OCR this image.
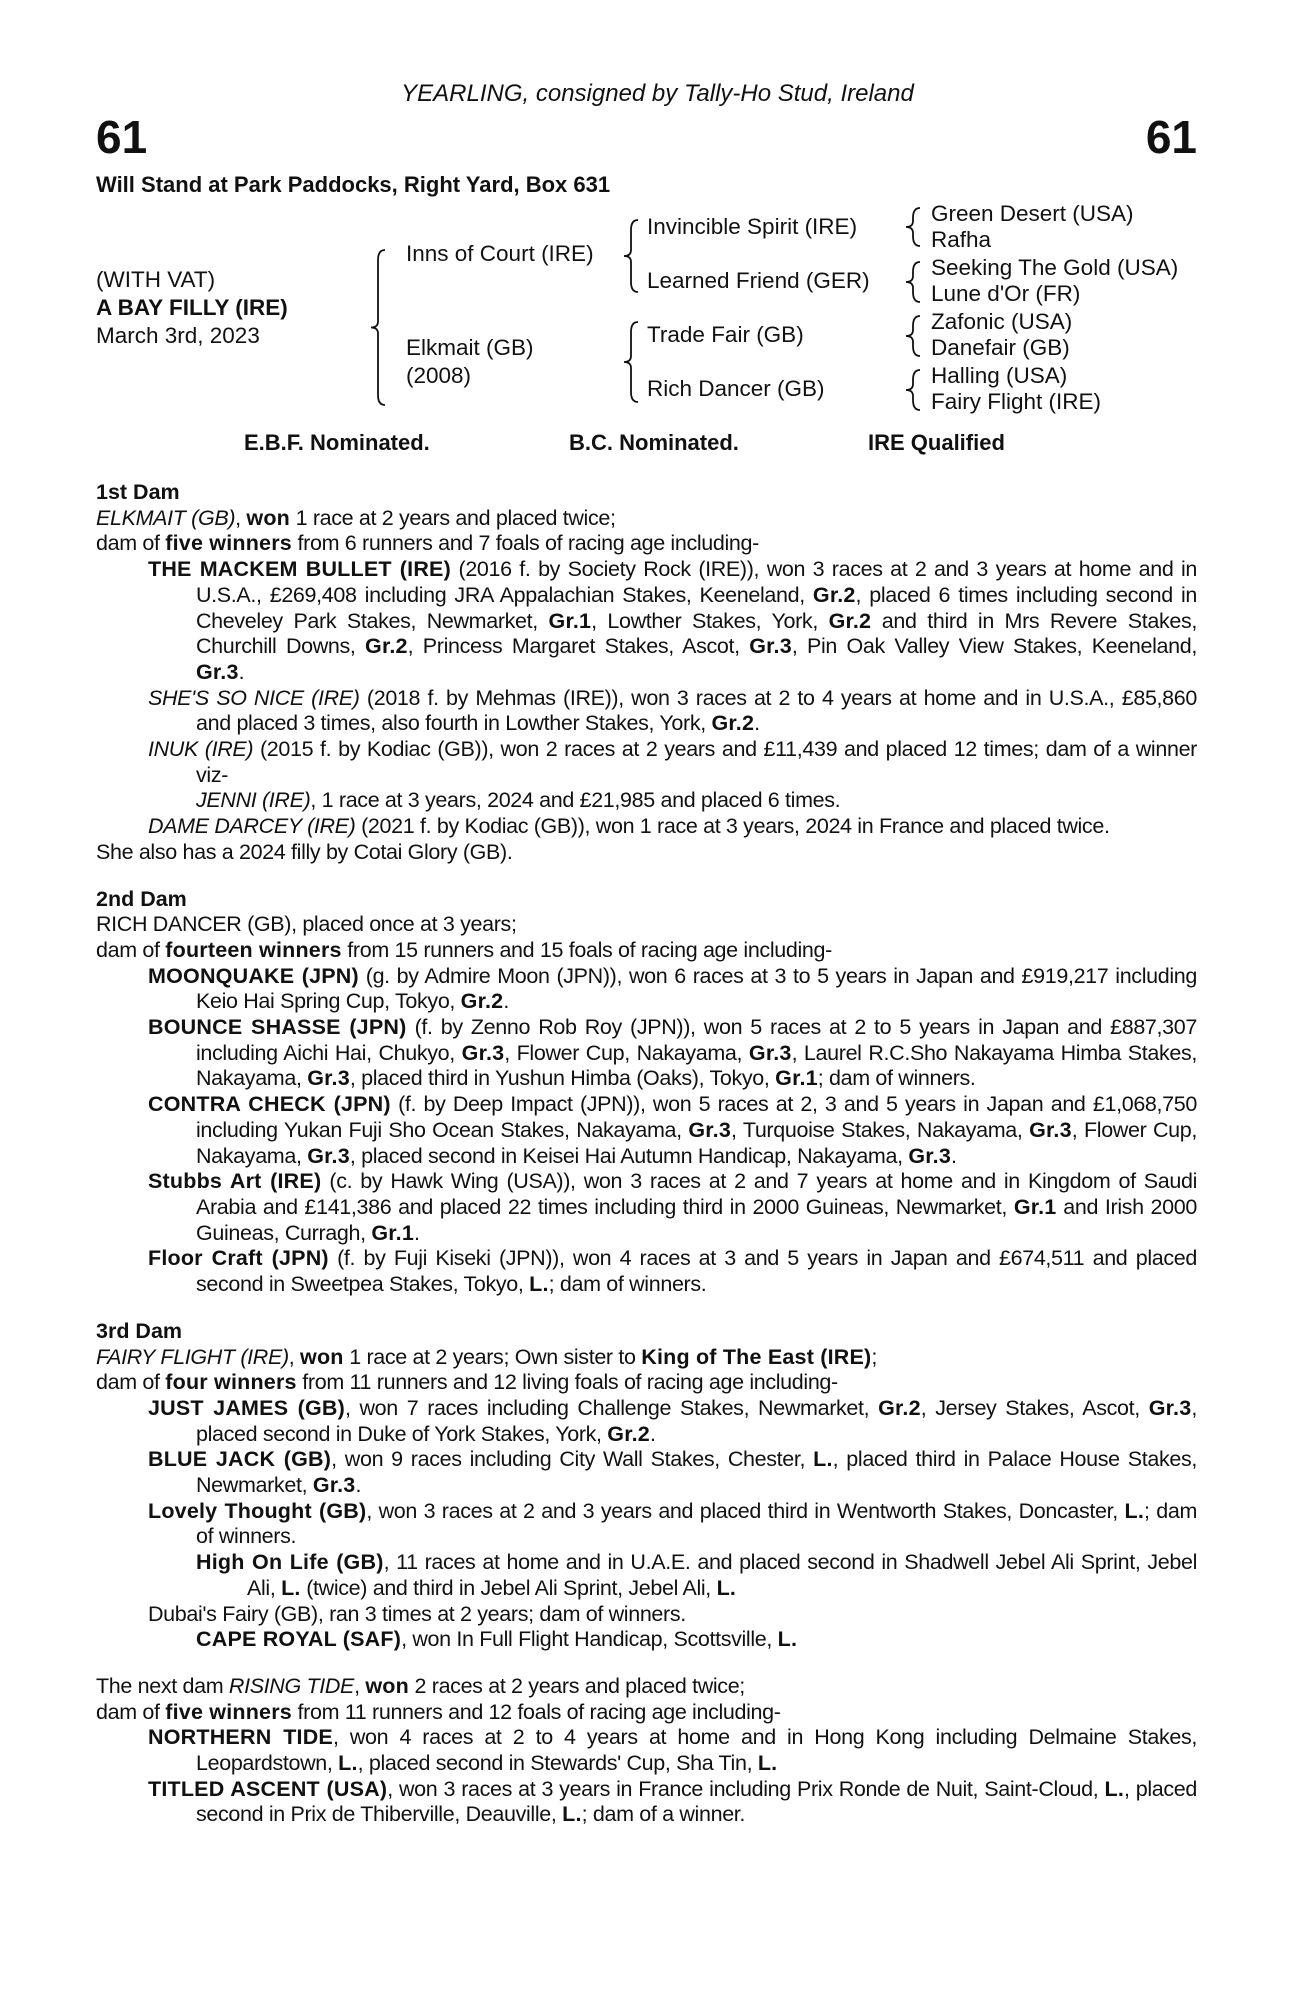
YEARLING, consigned by Tally-Ho Stud, Ireland
61	61
Will Stand at Park Paddocks, Right Yard, Box 631
(WITH VAT)
A BAY FILLY (IRE)
March 3rd, 2023
Inns of Court (IRE)
Elkmait (GB)
(2008)
Invincible Spirit (IRE)
Learned Friend (GER)
Trade Fair (GB)
Rich Dancer (GB)
Green Desert (USA)
Rafha
Seeking The Gold (USA)
Lune d'Or (FR)
Zafonic (USA)
Danefair (GB)
Halling (USA)
Fairy Flight (IRE)
E.B.F. Nominated.	B.C. Nominated.	IRE Qualified
1st Dam
ELKMAIT (GB), won 1 race at 2 years and placed twice;
dam of five winners from 6 runners and 7 foals of racing age including-
THE MACKEM BULLET (IRE) (2016 f. by Society Rock (IRE)), won 3 races at 2 and 3 years at home and in U.S.A., £269,408 including JRA Appalachian Stakes, Keeneland, Gr.2, placed 6 times including second in Cheveley Park Stakes, Newmarket, Gr.1, Lowther Stakes, York, Gr.2 and third in Mrs Revere Stakes, Churchill Downs, Gr.2, Princess Margaret Stakes, Ascot, Gr.3, Pin Oak Valley View Stakes, Keeneland, Gr.3.
SHE'S SO NICE (IRE) (2018 f. by Mehmas (IRE)), won 3 races at 2 to 4 years at home and in U.S.A., £85,860 and placed 3 times, also fourth in Lowther Stakes, York, Gr.2.
INUK (IRE) (2015 f. by Kodiac (GB)), won 2 races at 2 years and £11,439 and placed 12 times; dam of a winner viz-
JENNI (IRE), 1 race at 3 years, 2024 and £21,985 and placed 6 times.
DAME DARCEY (IRE) (2021 f. by Kodiac (GB)), won 1 race at 3 years, 2024 in France and placed twice.
She also has a 2024 filly by Cotai Glory (GB).
2nd Dam
RICH DANCER (GB), placed once at 3 years;
dam of fourteen winners from 15 runners and 15 foals of racing age including-
MOONQUAKE (JPN) (g. by Admire Moon (JPN)), won 6 races at 3 to 5 years in Japan and £919,217 including Keio Hai Spring Cup, Tokyo, Gr.2.
BOUNCE SHASSE (JPN) (f. by Zenno Rob Roy (JPN)), won 5 races at 2 to 5 years in Japan and £887,307 including Aichi Hai, Chukyo, Gr.3, Flower Cup, Nakayama, Gr.3, Laurel R.C.Sho Nakayama Himba Stakes, Nakayama, Gr.3, placed third in Yushun Himba (Oaks), Tokyo, Gr.1; dam of winners.
CONTRA CHECK (JPN) (f. by Deep Impact (JPN)), won 5 races at 2, 3 and 5 years in Japan and £1,068,750 including Yukan Fuji Sho Ocean Stakes, Nakayama, Gr.3, Turquoise Stakes, Nakayama, Gr.3, Flower Cup, Nakayama, Gr.3, placed second in Keisei Hai Autumn Handicap, Nakayama, Gr.3.
Stubbs Art (IRE) (c. by Hawk Wing (USA)), won 3 races at 2 and 7 years at home and in Kingdom of Saudi Arabia and £141,386 and placed 22 times including third in 2000 Guineas, Newmarket, Gr.1 and Irish 2000 Guineas, Curragh, Gr.1.
Floor Craft (JPN) (f. by Fuji Kiseki (JPN)), won 4 races at 3 and 5 years in Japan and £674,511 and placed second in Sweetpea Stakes, Tokyo, L.; dam of winners.
3rd Dam
FAIRY FLIGHT (IRE), won 1 race at 2 years; Own sister to King of The East (IRE);
dam of four winners from 11 runners and 12 living foals of racing age including-
JUST JAMES (GB), won 7 races including Challenge Stakes, Newmarket, Gr.2, Jersey Stakes, Ascot, Gr.3, placed second in Duke of York Stakes, York, Gr.2.
BLUE JACK (GB), won 9 races including City Wall Stakes, Chester, L., placed third in Palace House Stakes, Newmarket, Gr.3.
Lovely Thought (GB), won 3 races at 2 and 3 years and placed third in Wentworth Stakes, Doncaster, L.; dam of winners.
High On Life (GB), 11 races at home and in U.A.E. and placed second in Shadwell Jebel Ali Sprint, Jebel Ali, L. (twice) and third in Jebel Ali Sprint, Jebel Ali, L.
Dubai's Fairy (GB), ran 3 times at 2 years; dam of winners.
CAPE ROYAL (SAF), won In Full Flight Handicap, Scottsville, L.
The next dam RISING TIDE, won 2 races at 2 years and placed twice;
dam of five winners from 11 runners and 12 foals of racing age including-
NORTHERN TIDE, won 4 races at 2 to 4 years at home and in Hong Kong including Delmaine Stakes, Leopardstown, L., placed second in Stewards' Cup, Sha Tin, L.
TITLED ASCENT (USA), won 3 races at 3 years in France including Prix Ronde de Nuit, Saint-Cloud, L., placed second in Prix de Thiberville, Deauville, L.; dam of a winner.
